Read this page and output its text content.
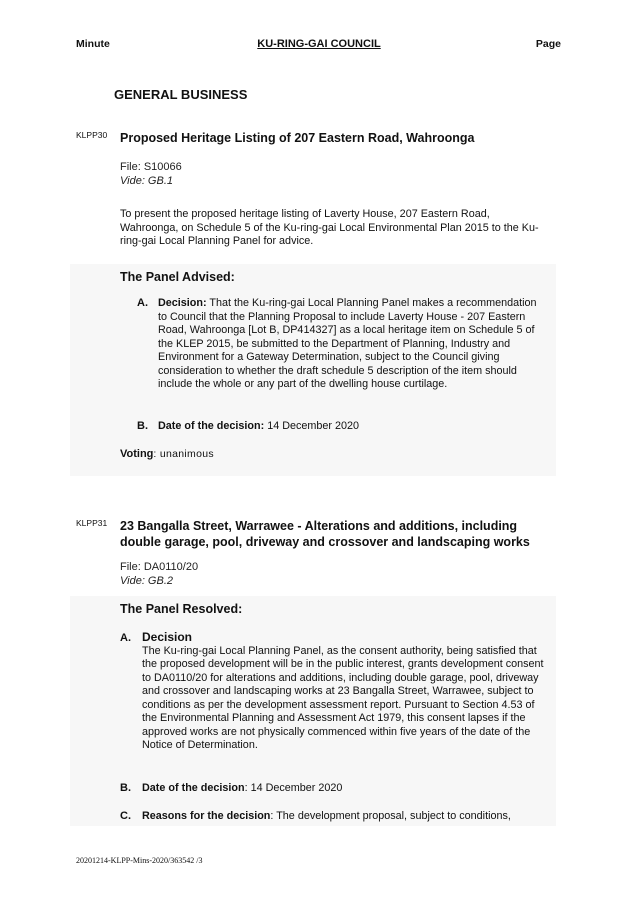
Minute	KU-RING-GAI COUNCIL	Page
GENERAL BUSINESS
KLPP30 Proposed Heritage Listing of 207 Eastern Road, Wahroonga
File: S10066
Vide: GB.1
To present the proposed heritage listing of Laverty House, 207 Eastern Road, Wahroonga, on Schedule 5 of the Ku-ring-gai Local Environmental Plan 2015 to the Ku-ring-gai Local Planning Panel for advice.
The Panel Advised:
A. Decision: That the Ku-ring-gai Local Planning Panel makes a recommendation to Council that the Planning Proposal to include Laverty House - 207 Eastern Road, Wahroonga [Lot B, DP414327] as a local heritage item on Schedule 5 of the KLEP 2015, be submitted to the Department of Planning, Industry and Environment for a Gateway Determination, subject to the Council giving consideration to whether the draft schedule 5 description of the item should include the whole or any part of the dwelling house curtilage.
B. Date of the decision: 14 December 2020
Voting: unanimous
KLPP31 23 Bangalla Street, Warrawee - Alterations and additions, including double garage, pool, driveway and crossover and landscaping works
File: DA0110/20
Vide: GB.2
The Panel Resolved:
A. Decision
The Ku-ring-gai Local Planning Panel, as the consent authority, being satisfied that the proposed development will be in the public interest, grants development consent to DA0110/20 for alterations and additions, including double garage, pool, driveway and crossover and landscaping works at 23 Bangalla Street, Warrawee, subject to conditions as per the development assessment report. Pursuant to Section 4.53 of the Environmental Planning and Assessment Act 1979, this consent lapses if the approved works are not physically commenced within five years of the date of the Notice of Determination.
B. Date of the decision: 14 December 2020
C. Reasons for the decision: The development proposal, subject to conditions,
20201214-KLPP-Mins-2020/363542 /3
